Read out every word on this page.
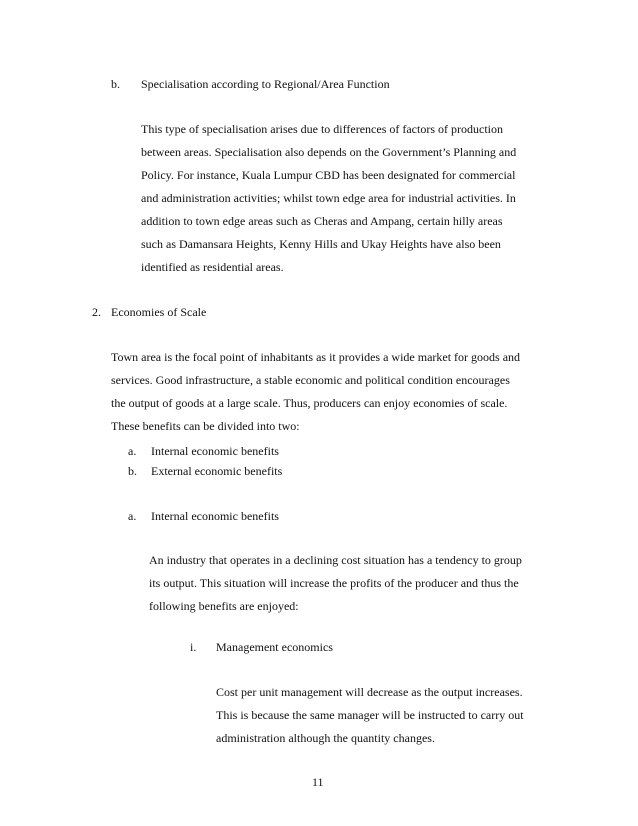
b. Specialisation according to Regional/Area Function
This type of specialisation arises due to differences of factors of production
between areas. Specialisation also depends on the Government’s Planning and
Policy. For instance, Kuala Lumpur CBD has been designated for commercial
and administration activities; whilst town edge area for industrial activities. In
addition to town edge areas such as Cheras and Ampang, certain hilly areas
such as Damansara Heights, Kenny Hills and Ukay Heights have also been
identified as residential areas.
2. Economies of Scale
Town area is the focal point of inhabitants as it provides a wide market for goods and
services. Good infrastructure, a stable economic and political condition encourages
the output of goods at a large scale. Thus, producers can enjoy economies of scale.
These benefits can be divided into two:
a. Internal economic benefits
b. External economic benefits
a. Internal economic benefits
An industry that operates in a declining cost situation has a tendency to group
its output. This situation will increase the profits of the producer and thus the
following benefits are enjoyed:
i. Management economics
Cost per unit management will decrease as the output increases.
This is because the same manager will be instructed to carry out
administration although the quantity changes.
11
